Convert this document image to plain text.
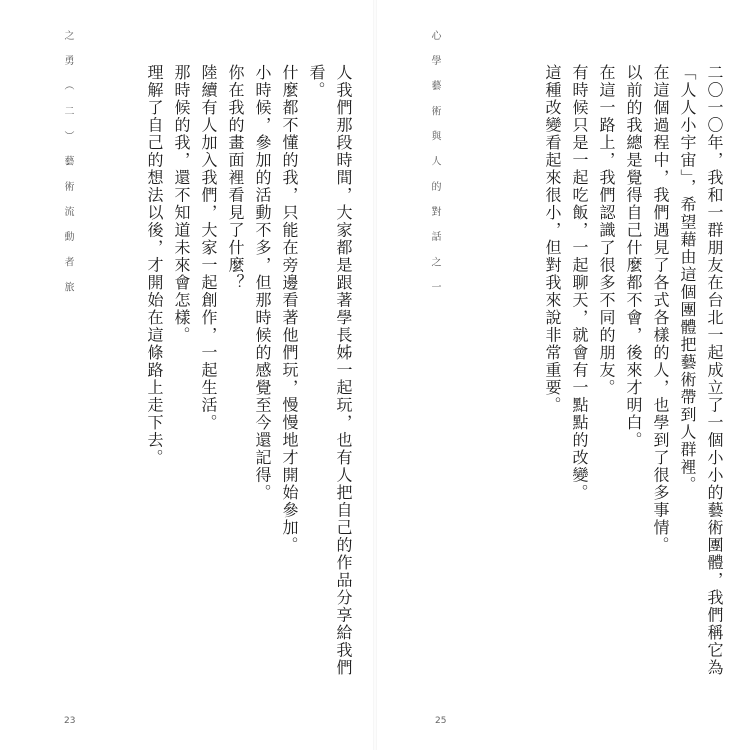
之 勇 （ 二 ） 藝 術 流 動 者 旅	人我們那段時間，大家都是跟著學長姊一起玩，也有人把自己的作品分享給我們看。
什麼都不懂的我，只能在旁邊看著他們玩，慢慢地才開始參加。
小時候，參加的活動不多，但那時候的感覺至今還記得。
你在我的畫面裡看見了什麼？
陸續有人加入我們，大家一起創作，一起生活。
那時候的我，還不知道未來會怎樣。
理解了自己的想法以後，才開始在這條路上走下去。
23
心 學 藝 術 與 人 的 對 話 之 一	二〇一〇年，我和一群朋友在台北一起成立了一個小小的藝術團體，我們稱它為「人人小宇宙」，希望藉由這個團體把藝術帶到人群裡。
在這個過程中，我們遇見了各式各樣的人，也學到了很多事情。
以前的我總是覺得自己什麼都不會，後來才明白。
在這一路上，我們認識了很多不同的朋友。
有時候只是一起吃飯，一起聊天，就會有一點點的改變。
這種改變看起來很小，但對我來說非常重要。
25
